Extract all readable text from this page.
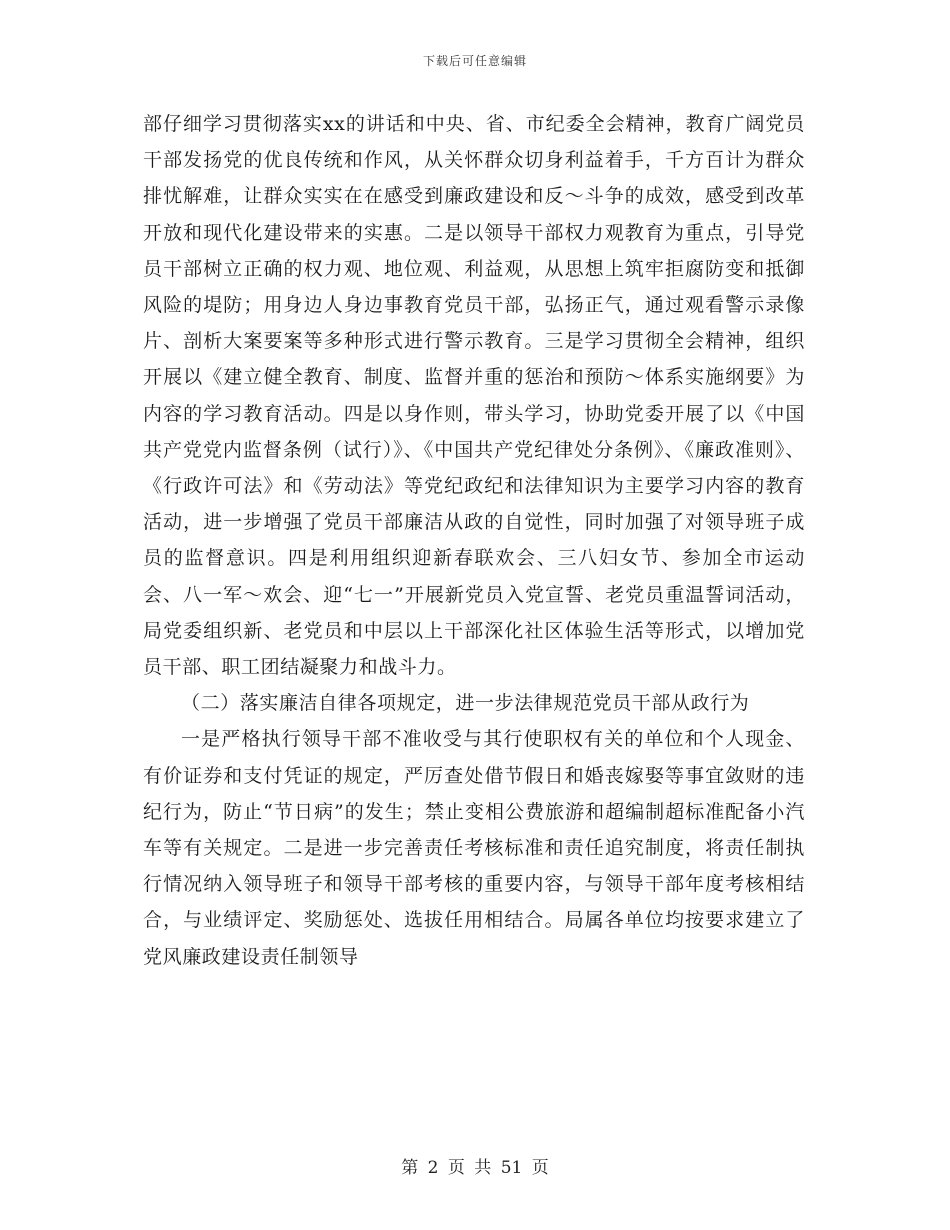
下载后可任意编辑

部仔细学习贯彻落实xx的讲话和中央、省、市纪委全会精神，教育广阔党员干部发扬党的优良传统和作风，从关怀群众切身利益着手，千方百计为群众排忧解难，让群众实实在在感受到廉政建设和反～斗争的成效，感受到改革开放和现代化建设带来的实惠。二是以领导干部权力观教育为重点，引导党员干部树立正确的权力观、地位观、利益观，从思想上筑牢拒腐防变和抵御风险的堤防；用身边人身边事教育党员干部，弘扬正气，通过观看警示录像片、剖析大案要案等多种形式进行警示教育。三是学习贯彻全会精神，组织开展以《建立健全教育、制度、监督并重的惩治和预防～体系实施纲要》为内容的学习教育活动。四是以身作则，带头学习，协助党委开展了以《中国共产党党内监督条例（试行）》、《中国共产党纪律处分条例》、《廉政准则》、《行政许可法》和《劳动法》等党纪政纪和法律知识为主要学习内容的教育活动，进一步增强了党员干部廉洁从政的自觉性，同时加强了对领导班子成员的监督意识。四是利用组织迎新春联欢会、三八妇女节、参加全市运动会、八一军～欢会、迎“七一”开展新党员入党宣誓、老党员重温誓词活动，局党委组织新、老党员和中层以上干部深化社区体验生活等形式，以增加党员干部、职工团结凝聚力和战斗力。

（二）落实廉洁自律各项规定，进一步法律规范党员干部从政行为

一是严格执行领导干部不准收受与其行使职权有关的单位和个人现金、有价证券和支付凭证的规定，严厉查处借节假日和婚丧嫁娶等事宜敛财的违纪行为，防止“节日病”的发生；禁止变相公费旅游和超编制超标准配备小汽车等有关规定。二是进一步完善责任考核标准和责任追究制度，将责任制执行情况纳入领导班子和领导干部考核的重要内容，与领导干部年度考核相结合，与业绩评定、奖励惩处、选拔任用相结合。局属各单位均按要求建立了党风廉政建设责任制领导

第 2 页 共 51 页
